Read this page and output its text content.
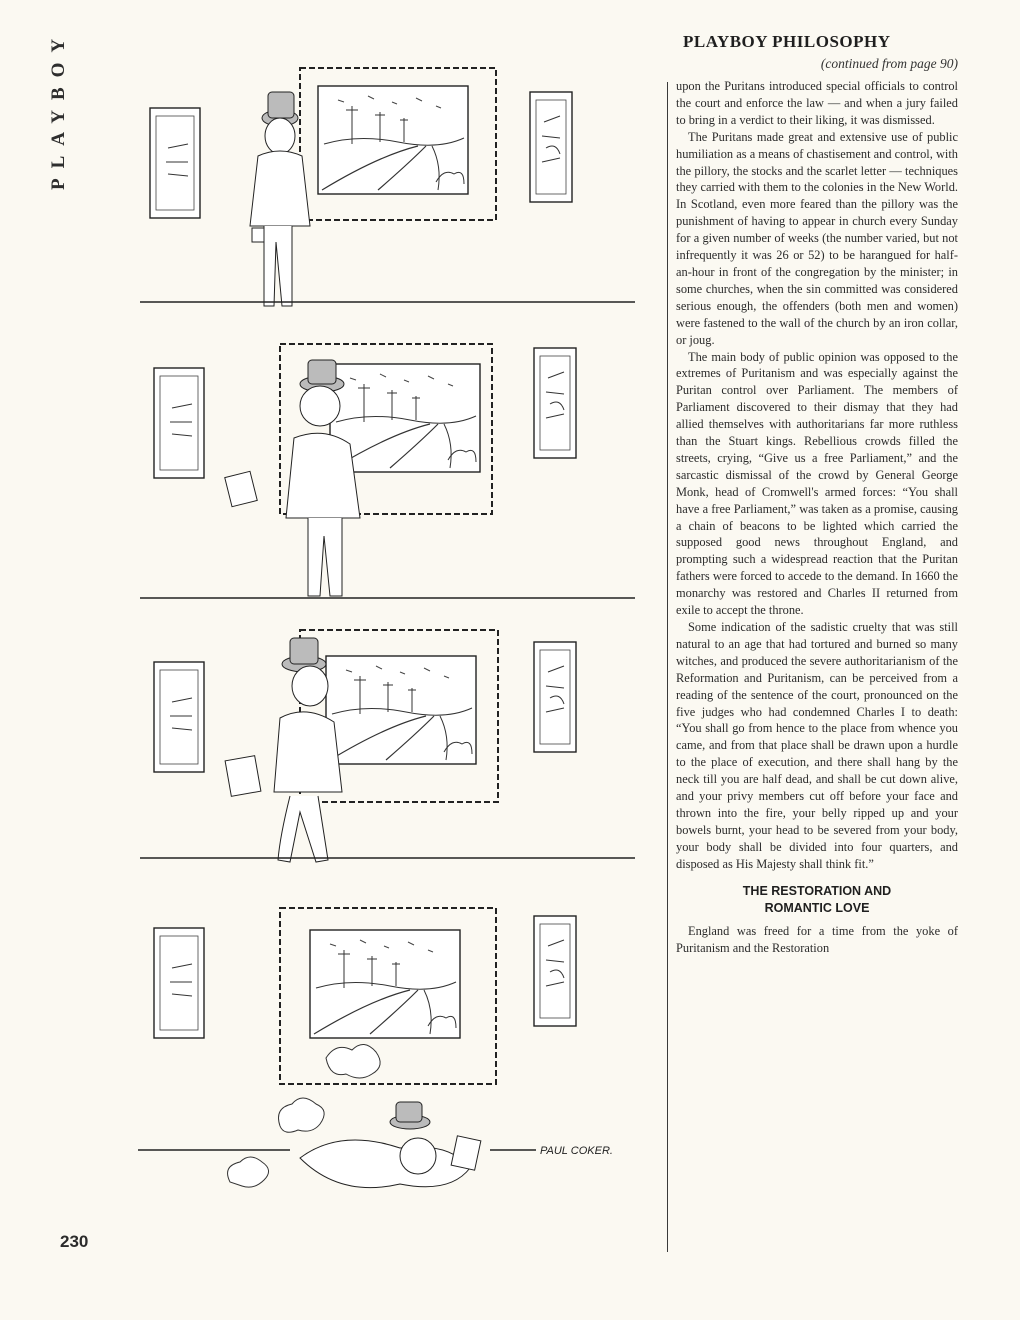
PLAYBOY
PAUL COKER.
PLAYBOY PHILOSOPHY
(continued from page 90)

upon the Puritans introduced special officials to control the court and enforce the law — and when a jury failed to bring in a verdict to their liking, it was dismissed.

The Puritans made great and extensive use of public humiliation as a means of chastisement and control, with the pillory, the stocks and the scarlet letter — techniques they carried with them to the colonies in the New World. In Scotland, even more feared than the pillory was the punishment of having to appear in church every Sunday for a given number of weeks (the number varied, but not infrequently it was 26 or 52) to be harangued for half-an-hour in front of the congregation by the minister; in some churches, when the sin committed was considered serious enough, the offenders (both men and women) were fastened to the wall of the church by an iron collar, or joug.

The main body of public opinion was opposed to the extremes of Puritanism and was especially against the Puritan control over Parliament. The members of Parliament discovered to their dismay that they had allied themselves with authoritarians far more ruthless than the Stuart kings. Rebellious crowds filled the streets, crying, “Give us a free Parliament,” and the sarcastic dismissal of the crowd by General George Monk, head of Cromwell's armed forces: “You shall have a free Parliament,” was taken as a promise, causing a chain of beacons to be lighted which carried the supposed good news throughout England, and prompting such a widespread reaction that the Puritan fathers were forced to accede to the demand. In 1660 the monarchy was restored and Charles II returned from exile to accept the throne.

Some indication of the sadistic cruelty that was still natural to an age that had tortured and burned so many witches, and produced the severe authoritarianism of the Reformation and Puritanism, can be perceived from a reading of the sentence of the court, pronounced on the five judges who had condemned Charles I to death: “You shall go from hence to the place from whence you came, and from that place shall be drawn upon a hurdle to the place of execution, and there shall hang by the neck till you are half dead, and shall be cut down alive, and your privy members cut off before your face and thrown into the fire, your belly ripped up and your bowels burnt, your head to be severed from your body, your body shall be divided into four quarters, and disposed as His Majesty shall think fit.”

THE RESTORATION AND
ROMANTIC LOVE

England was freed for a time from the yoke of Puritanism and the Restoration

230
